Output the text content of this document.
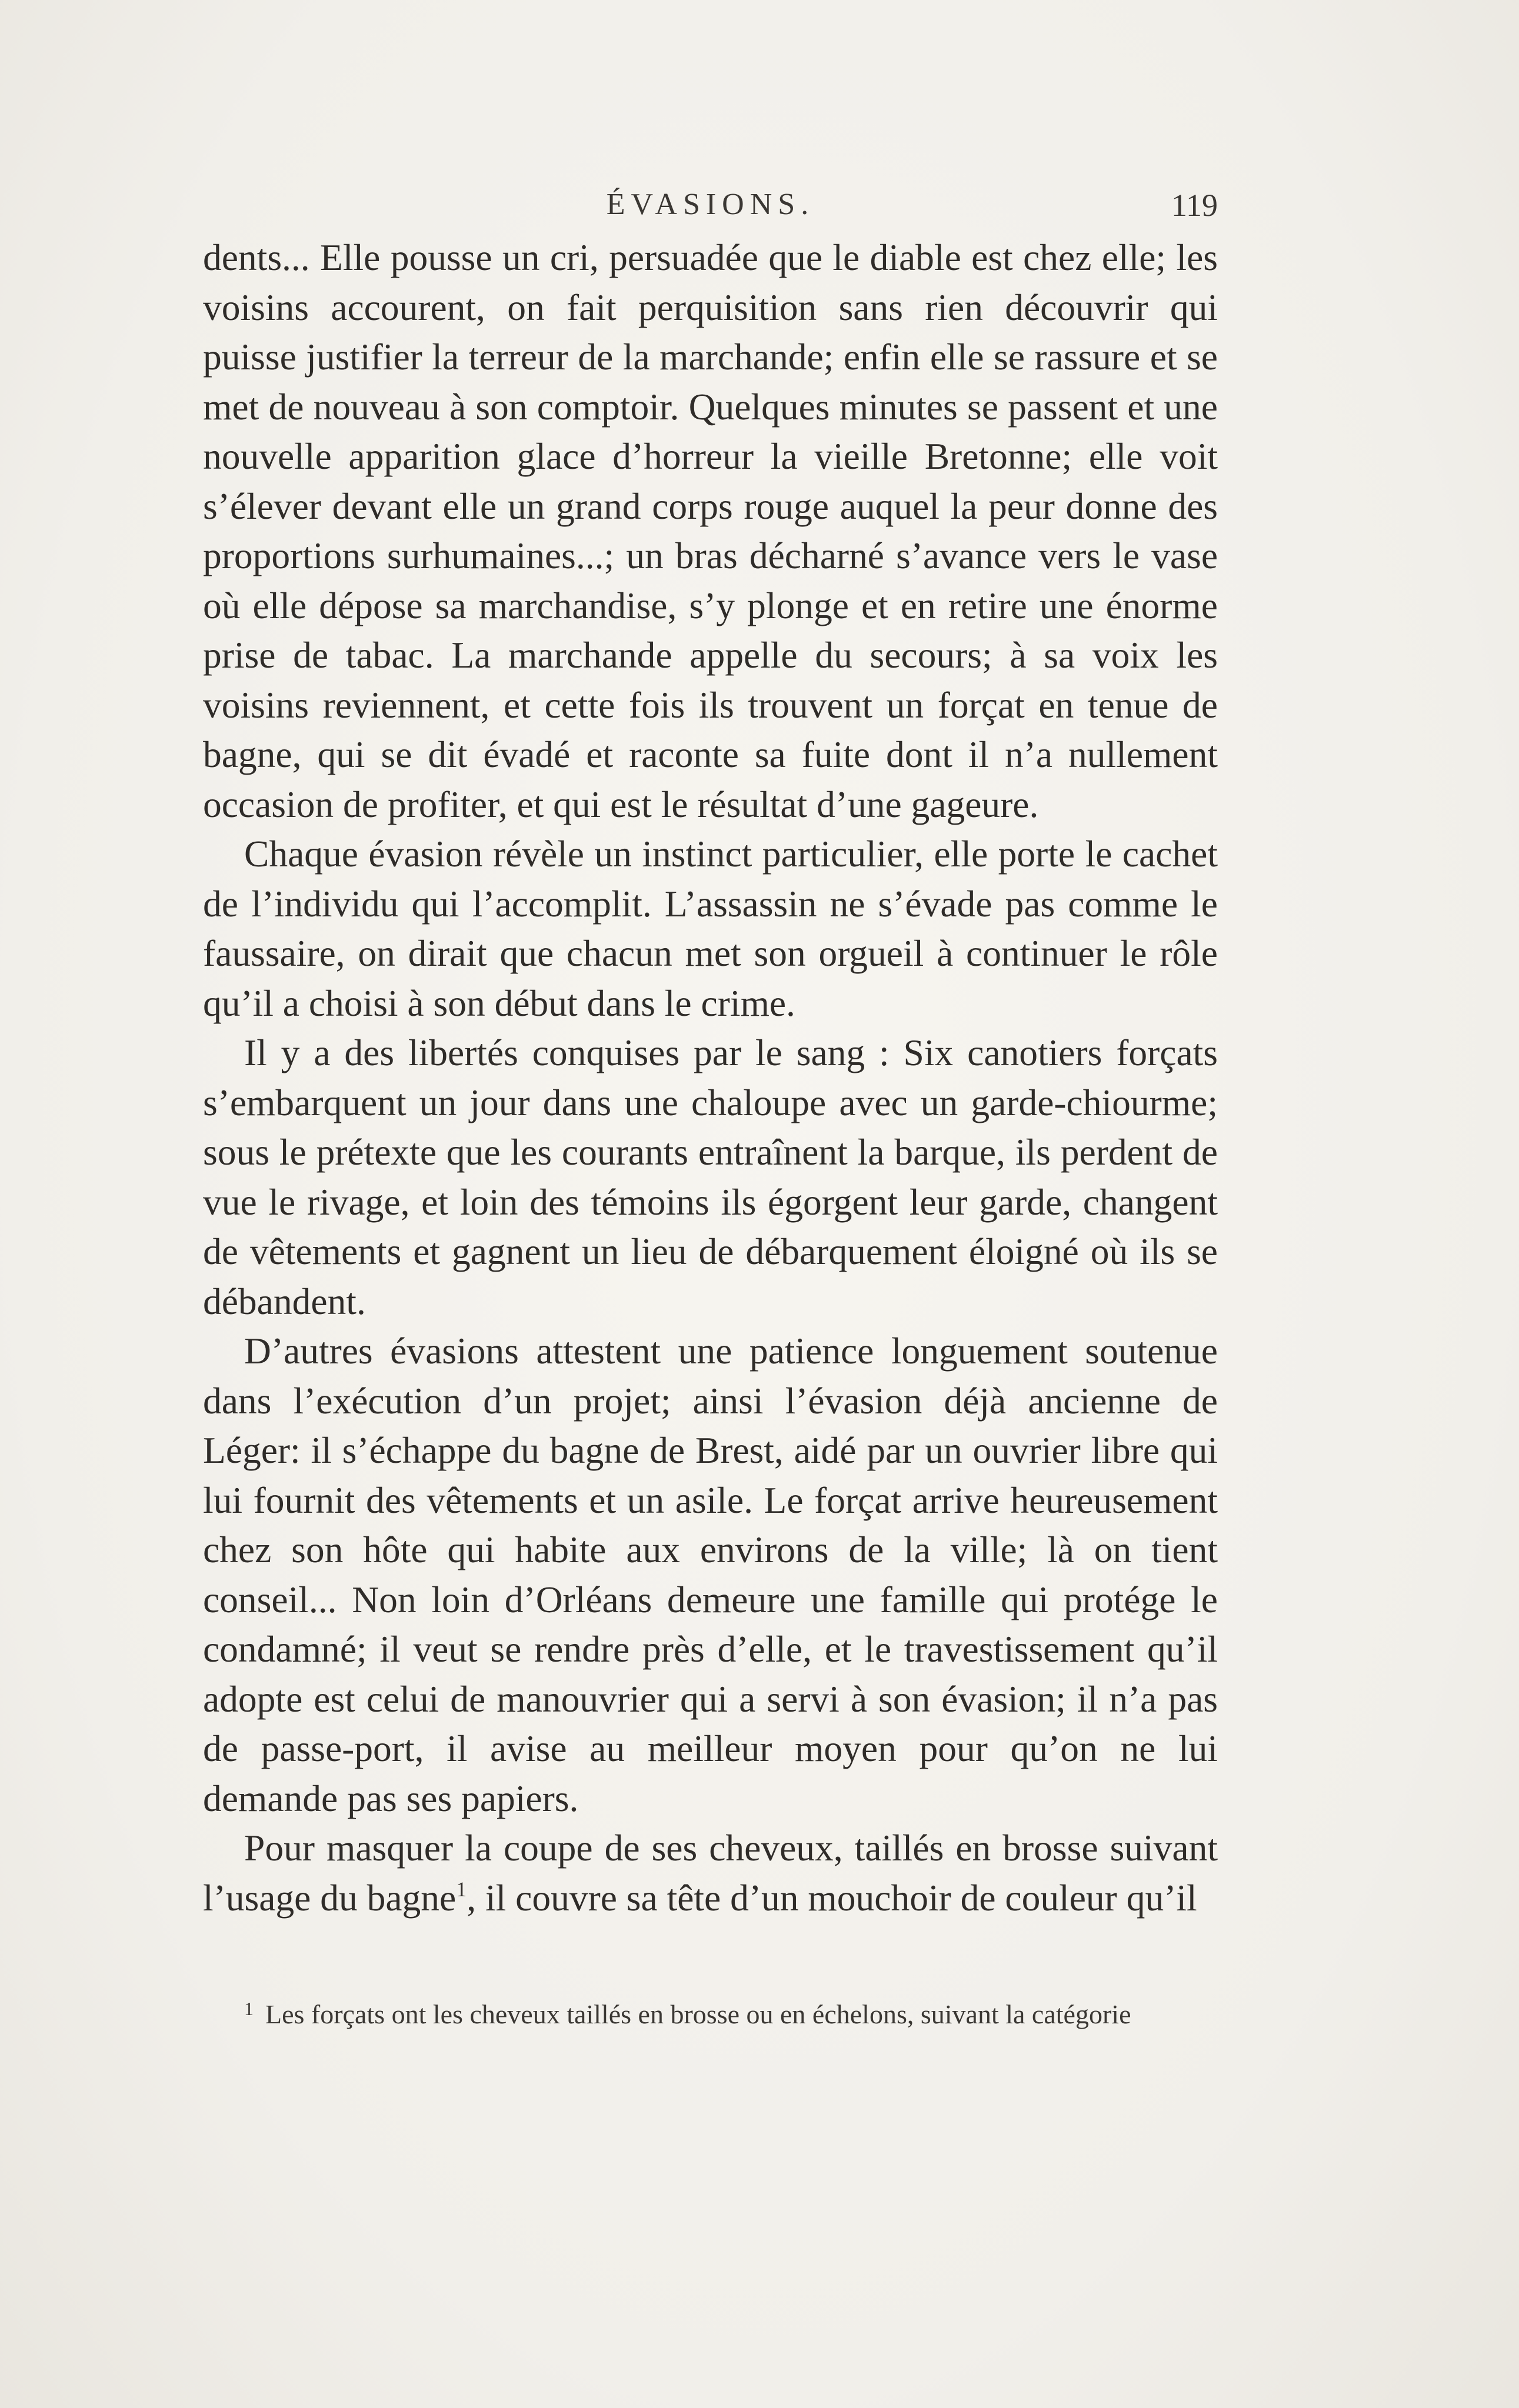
ÉVASIONS.	119

dents... Elle pousse un cri, persuadée que le diable est chez elle; les voisins accourent, on fait perquisition sans rien découvrir qui puisse justifier la terreur de la marchande; enfin elle se rassure et se met de nouveau à son comptoir. Quelques minutes se passent et une nouvelle apparition glace d’horreur la vieille Bretonne; elle voit s’élever devant elle un grand corps rouge auquel la peur donne des proportions surhumaines...; un bras décharné s’avance vers le vase où elle dépose sa marchandise, s’y plonge et en retire une énorme prise de tabac. La marchande appelle du secours; à sa voix les voisins reviennent, et cette fois ils trouvent un forçat en tenue de bagne, qui se dit évadé et raconte sa fuite dont il n’a nullement occasion de profiter, et qui est le résultat d’une gageure.

Chaque évasion révèle un instinct particulier, elle porte le cachet de l’individu qui l’accomplit. L’assassin ne s’évade pas comme le faussaire, on dirait que chacun met son orgueil à continuer le rôle qu’il a choisi à son début dans le crime.

Il y a des libertés conquises par le sang : Six canotiers forçats s’embarquent un jour dans une chaloupe avec un garde-chiourme; sous le prétexte que les courants entraînent la barque, ils perdent de vue le rivage, et loin des témoins ils égorgent leur garde, changent de vêtements et gagnent un lieu de débarquement éloigné où ils se débandent.

D’autres évasions attestent une patience longuement soutenue dans l’exécution d’un projet; ainsi l’évasion déjà ancienne de Léger: il s’échappe du bagne de Brest, aidé par un ouvrier libre qui lui fournit des vêtements et un asile. Le forçat arrive heureusement chez son hôte qui habite aux environs de la ville; là on tient conseil... Non loin d’Orléans demeure une famille qui protége le condamné; il veut se rendre près d’elle, et le travestissement qu’il adopte est celui de manouvrier qui a servi à son évasion; il n’a pas de passe-port, il avise au meilleur moyen pour qu’on ne lui demande pas ses papiers.

Pour masquer la coupe de ses cheveux, taillés en brosse suivant l’usage du bagne$^1$, il couvre sa tête d’un mouchoir de couleur qu’il

$^1$ Les forçats ont les cheveux taillés en brosse ou en échelons, suivant la catégorie
